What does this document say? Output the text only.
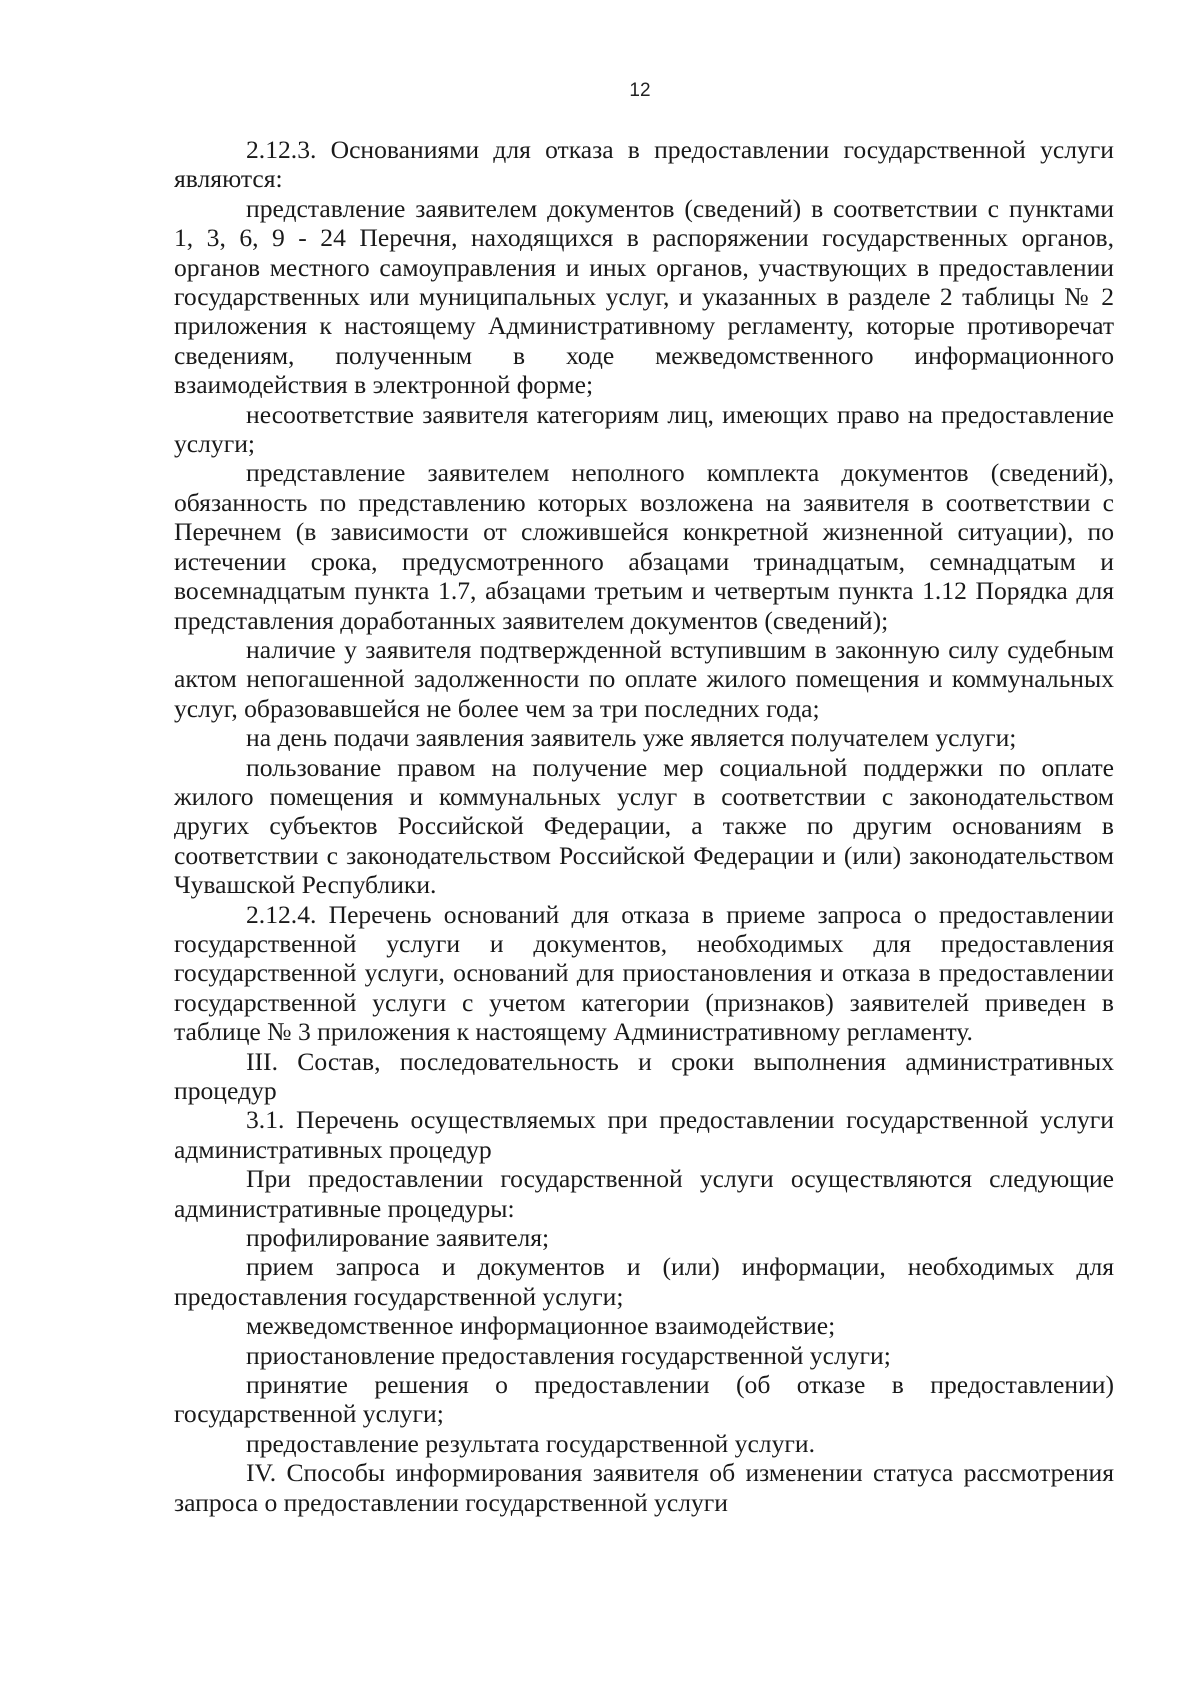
12

2.12.3. Основаниями для отказа в предоставлении государственной услуги являются:

представление заявителем документов (сведений) в соответствии с пунктами 1, 3, 6, 9 - 24 Перечня, находящихся в распоряжении государственных органов, органов местного самоуправления и иных органов, участвующих в предоставлении государственных или муниципальных услуг, и указанных в разделе 2 таблицы № 2 приложения к настоящему Административному регламенту, которые противоречат сведениям, полученным в ходе межведомственного информационного взаимодействия в электронной форме;

несоответствие заявителя категориям лиц, имеющих право на предоставление услуги;

представление заявителем неполного комплекта документов (сведений), обязанность по представлению которых возложена на заявителя в соответствии с Перечнем (в зависимости от сложившейся конкретной жизненной ситуации), по истечении срока, предусмотренного абзацами тринадцатым, семнадцатым и восемнадцатым пункта 1.7, абзацами третьим и четвертым пункта 1.12 Порядка для представления доработанных заявителем документов (сведений);

наличие у заявителя подтвержденной вступившим в законную силу судебным актом непогашенной задолженности по оплате жилого помещения и коммунальных услуг, образовавшейся не более чем за три последних года;

на день подачи заявления заявитель уже является получателем услуги;

пользование правом на получение мер социальной поддержки по оплате жилого помещения и коммунальных услуг в соответствии с законодательством других субъектов Российской Федерации, а также по другим основаниям в соответствии с законодательством Российской Федерации и (или) законодательством Чувашской Республики.

2.12.4. Перечень оснований для отказа в приеме запроса о предоставлении государственной услуги и документов, необходимых для предоставления государственной услуги, оснований для приостановления и отказа в предоставлении государственной услуги с учетом категории (признаков) заявителей приведен в таблице № 3 приложения к настоящему Административному регламенту.

III. Состав, последовательность и сроки выполнения административных процедур

3.1. Перечень осуществляемых при предоставлении государственной услуги административных процедур

При предоставлении государственной услуги осуществляются следующие административные процедуры:

профилирование заявителя;

прием запроса и документов и (или) информации, необходимых для предоставления государственной услуги;

межведомственное информационное взаимодействие;

приостановление предоставления государственной услуги;

принятие решения о предоставлении (об отказе в предоставлении) государственной услуги;

предоставление результата государственной услуги.

IV. Способы информирования заявителя об изменении статуса рассмотрения запроса о предоставлении государственной услуги
